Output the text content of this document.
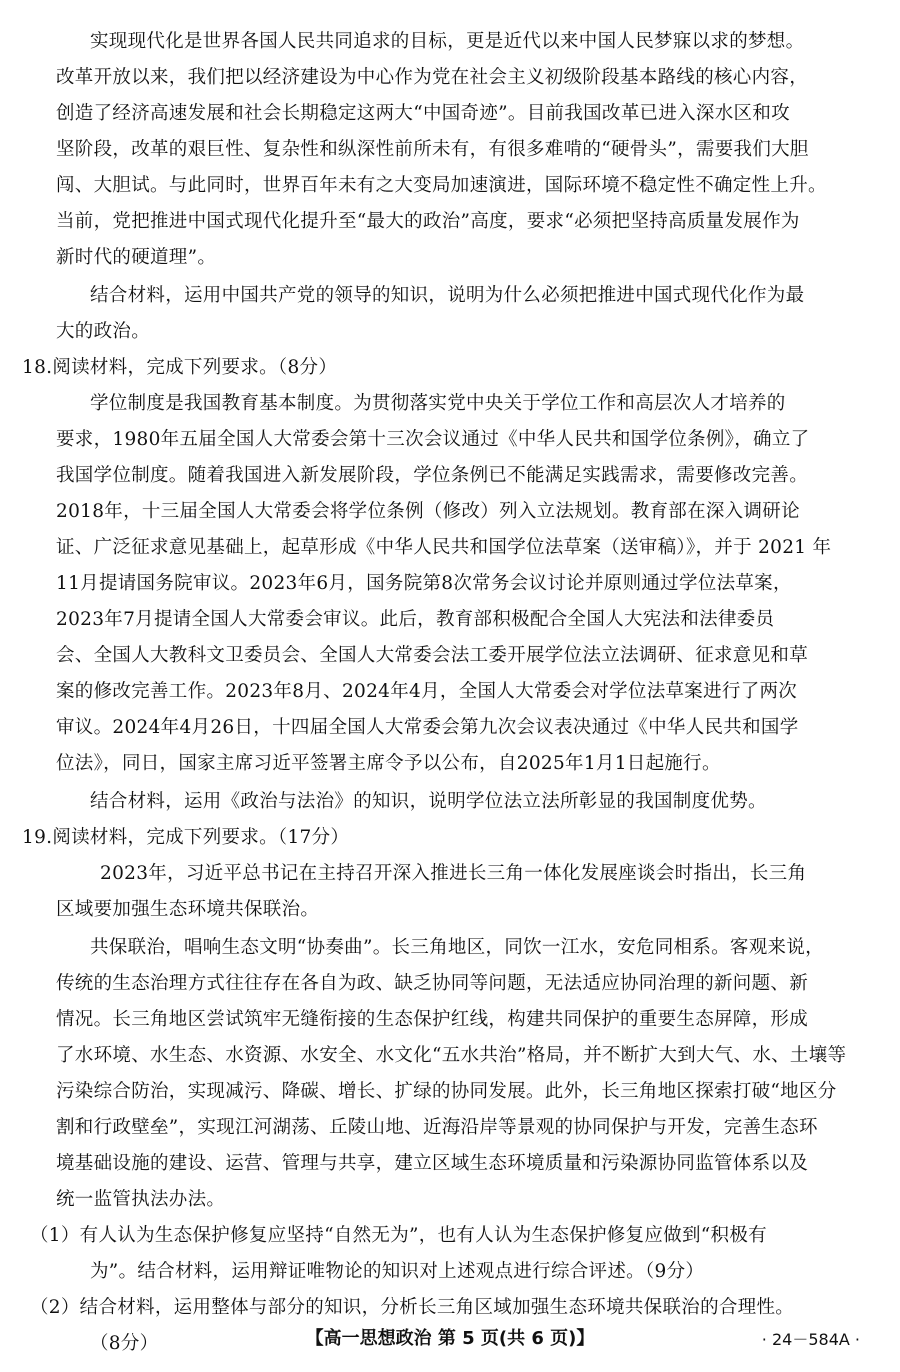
实现现代化是世界各国人民共同追求的目标，更是近代以来中国人民梦寐以求的梦想。
改革开放以来，我们把以经济建设为中心作为党在社会主义初级阶段基本路线的核心内容，
创造了经济高速发展和社会长期稳定这两大“中国奇迹”。目前我国改革已进入深水区和攻
坚阶段，改革的艰巨性、复杂性和纵深性前所未有，有很多难啃的“硬骨头”，需要我们大胆
闯、大胆试。与此同时，世界百年未有之大变局加速演进，国际环境不稳定性不确定性上升。
当前，党把推进中国式现代化提升至“最大的政治”高度，要求“必须把坚持高质量发展作为
新时代的硬道理”。
结合材料，运用中国共产党的领导的知识，说明为什么必须把推进中国式现代化作为最
大的政治。
18.阅读材料，完成下列要求。（8分）
学位制度是我国教育基本制度。为贯彻落实党中央关于学位工作和高层次人才培养的
要求，1980年五届全国人大常委会第十三次会议通过《中华人民共和国学位条例》，确立了
我国学位制度。随着我国进入新发展阶段，学位条例已不能满足实践需求，需要修改完善。
2018年，十三届全国人大常委会将学位条例（修改）列入立法规划。教育部在深入调研论
证、广泛征求意见基础上，起草形成《中华人民共和国学位法草案（送审稿）》，并于 2021 年
11月提请国务院审议。2023年6月，国务院第8次常务会议讨论并原则通过学位法草案，
2023年7月提请全国人大常委会审议。此后，教育部积极配合全国人大宪法和法律委员
会、全国人大教科文卫委员会、全国人大常委会法工委开展学位法立法调研、征求意见和草
案的修改完善工作。2023年8月、2024年4月，全国人大常委会对学位法草案进行了两次
审议。2024年4月26日，十四届全国人大常委会第九次会议表决通过《中华人民共和国学
位法》，同日，国家主席习近平签署主席令予以公布，自2025年1月1日起施行。
结合材料，运用《政治与法治》的知识，说明学位法立法所彰显的我国制度优势。
19.阅读材料，完成下列要求。（17分）
2023年，习近平总书记在主持召开深入推进长三角一体化发展座谈会时指出，长三角
区域要加强生态环境共保联治。
共保联治，唱响生态文明“协奏曲”。长三角地区，同饮一江水，安危同相系。客观来说，
传统的生态治理方式往往存在各自为政、缺乏协同等问题，无法适应协同治理的新问题、新
情况。长三角地区尝试筑牢无缝衔接的生态保护红线，构建共同保护的重要生态屏障，形成
了水环境、水生态、水资源、水安全、水文化“五水共治”格局，并不断扩大到大气、水、土壤等
污染综合防治，实现减污、降碳、增长、扩绿的协同发展。此外，长三角地区探索打破“地区分
割和行政壁垒”，实现江河湖荡、丘陵山地、近海沿岸等景观的协同保护与开发，完善生态环
境基础设施的建设、运营、管理与共享，建立区域生态环境质量和污染源协同监管体系以及
统一监管执法办法。
（1）有人认为生态保护修复应坚持“自然无为”，也有人认为生态保护修复应做到“积极有
为”。结合材料，运用辩证唯物论的知识对上述观点进行综合评述。（9分）
（2）结合材料，运用整体与部分的知识，分析长三角区域加强生态环境共保联治的合理性。
（8分）	【高一思想政治 第 5 页(共 6 页)】	· 24－584A ·
